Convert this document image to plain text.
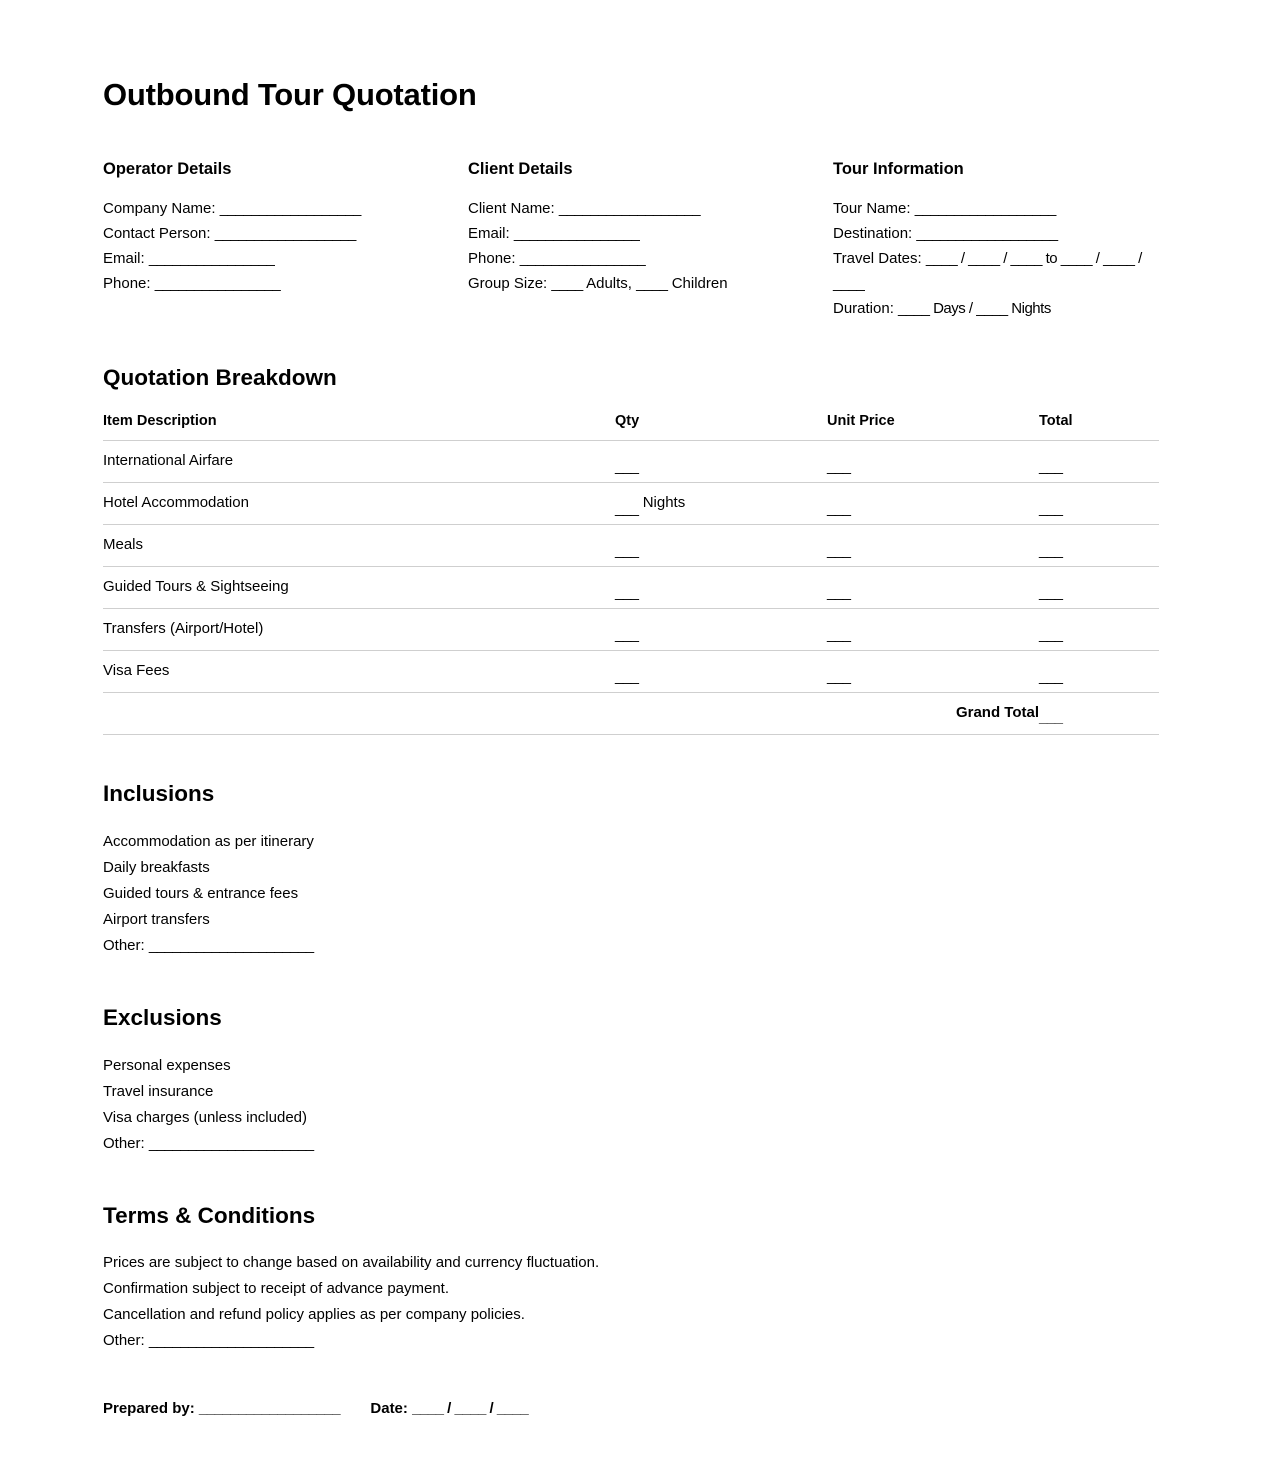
Outbound Tour Quotation
Operator Details
Company Name: __________________
Contact Person: __________________
Email: ________________
Phone: ________________
Client Details
Client Name: __________________
Email: ________________
Phone: ________________
Group Size: ____ Adults, ____ Children
Tour Information
Tour Name: __________________
Destination: __________________
Travel Dates: ____ / ____ / ____ to ____ / ____ / ____
Duration: ____ Days / ____ Nights
Quotation Breakdown
Item Description	Qty	Unit Price	Total
International Airfare	___	___	___
Hotel Accommodation	___ Nights	___	___
Meals	___	___	___
Guided Tours & Sightseeing	___	___	___
Transfers (Airport/Hotel)	___	___	___
Visa Fees	___	___	___
		Grand Total	___
Inclusions
Accommodation as per itinerary
Daily breakfasts
Guided tours & entrance fees
Airport transfers
Other: _____________________
Exclusions
Personal expenses
Travel insurance
Visa charges (unless included)
Other: _____________________
Terms & Conditions
Prices are subject to change based on availability and currency fluctuation.
Confirmation subject to receipt of advance payment.
Cancellation and refund policy applies as per company policies.
Other: _____________________
Prepared by: __________________ Date: ____ / ____ / ____
